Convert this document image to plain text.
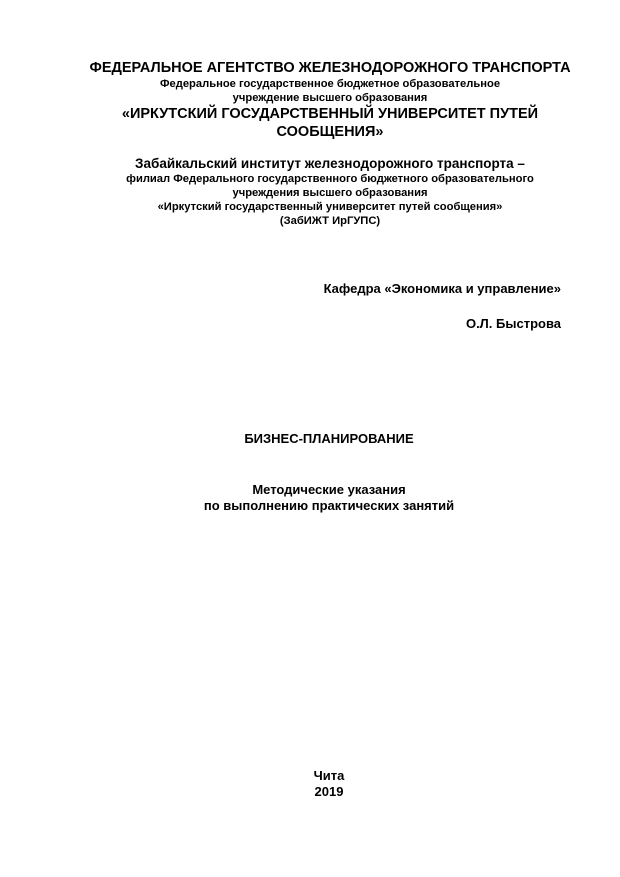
ФЕДЕРАЛЬНОЕ АГЕНТСТВО ЖЕЛЕЗНОДОРОЖНОГО ТРАНСПОРТА
Федеральное государственное бюджетное образовательное
учреждение высшего образования
«ИРКУТСКИЙ ГОСУДАРСТВЕННЫЙ УНИВЕРСИТЕТ ПУТЕЙ
СООБЩЕНИЯ»
Забайкальский институт железнодорожного транспорта –
филиал Федерального государственного бюджетного образовательного
учреждения высшего образования
«Иркутский государственный университет путей сообщения»
(ЗабИЖТ ИрГУПС)
Кафедра «Экономика и управление»
О.Л. Быстрова
БИЗНЕС-ПЛАНИРОВАНИЕ
Методические указания
по выполнению практических занятий
Чита
2019
